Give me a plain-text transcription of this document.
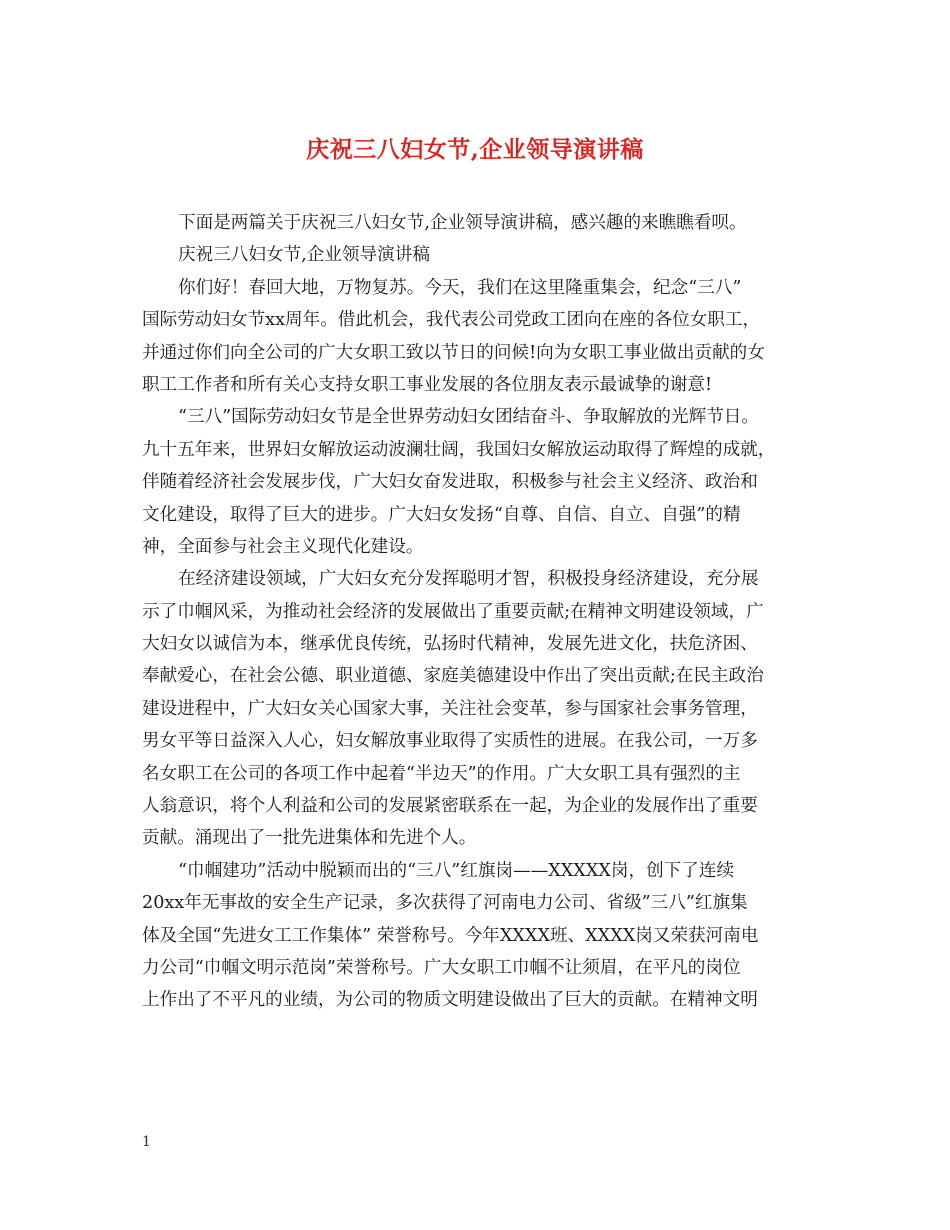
庆祝三八妇女节,企业领导演讲稿
下面是两篇关于庆祝三八妇女节,企业领导演讲稿，感兴趣的来瞧瞧看呗。
庆祝三八妇女节,企业领导演讲稿
你们好！春回大地，万物复苏。今天，我们在这里隆重集会，纪念“三八”
国际劳动妇女节xx周年。借此机会，我代表公司党政工团向在座的各位女职工，
并通过你们向全公司的广大女职工致以节日的问候!向为女职工事业做出贡献的女
职工工作者和所有关心支持女职工事业发展的各位朋友表示最诚挚的谢意!
“三八”国际劳动妇女节是全世界劳动妇女团结奋斗、争取解放的光辉节日。
九十五年来，世界妇女解放运动波澜壮阔，我国妇女解放运动取得了辉煌的成就，
伴随着经济社会发展步伐，广大妇女奋发进取，积极参与社会主义经济、政治和
文化建设，取得了巨大的进步。广大妇女发扬“自尊、自信、自立、自强”的精
神，全面参与社会主义现代化建设。
在经济建设领域，广大妇女充分发挥聪明才智，积极投身经济建设，充分展
示了巾帼风采，为推动社会经济的发展做出了重要贡献;在精神文明建设领域，广
大妇女以诚信为本，继承优良传统，弘扬时代精神，发展先进文化，扶危济困、
奉献爱心，在社会公德、职业道德、家庭美德建设中作出了突出贡献;在民主政治
建设进程中，广大妇女关心国家大事，关注社会变革，参与国家社会事务管理，
男女平等日益深入人心，妇女解放事业取得了实质性的进展。在我公司，一万多
名女职工在公司的各项工作中起着“半边天”的作用。广大女职工具有强烈的主
人翁意识，将个人利益和公司的发展紧密联系在一起，为企业的发展作出了重要
贡献。涌现出了一批先进集体和先进个人。
“巾帼建功”活动中脱颖而出的“三八”红旗岗——XXXXX岗，创下了连续
20xx年无事故的安全生产记录，多次获得了河南电力公司、省级”三八”红旗集
体及全国“先进女工工作集体” 荣誉称号。今年XXXX班、XXXX岗又荣获河南电
力公司“巾帼文明示范岗”荣誉称号。广大女职工巾帼不让须眉，在平凡的岗位
上作出了不平凡的业绩，为公司的物质文明建设做出了巨大的贡献。在精神文明
1
